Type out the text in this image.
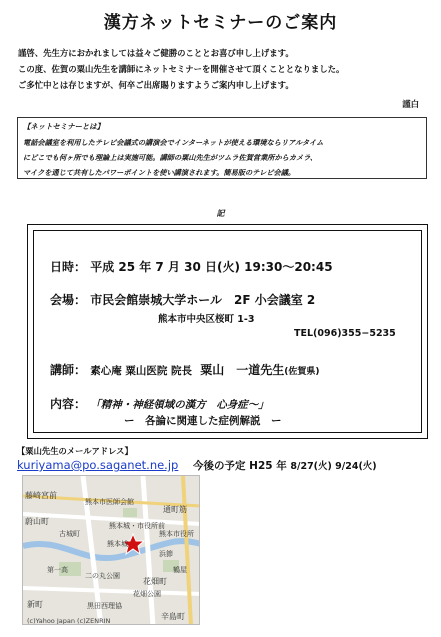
漢方ネットセミナーのご案内
謹啓、先生方におかれましては益々ご健勝のこととお喜び申し上げます。
この度、佐賀の粟山先生を講師にネットセミナーを開催させて頂くこととなりました。
ご多忙中とは存じますが、何卒ご出席賜りますようご案内申し上げます。
謹白
【ネットセミナーとは】
電話会議室を利用したテレビ会議式の講演会でインターネットが使える環境ならリアルタイム
にどこでも何ヶ所でも理論上は実施可能。講師の粟山先生がツムラ佐賀営業所からカメラ、
マイクを通じて共有したパワーポイントを使い講演されます。簡易版のテレビ会議。
記
日時： 平成 25 年 7 月 30 日(火) 19:30〜20:45
会場： 市民会館崇城大学ホール　2F 小会議室 2
熊本市中央区桜町 1-3
TEL(096)355−5235
講師： 素心庵 粟山医院 院長 粟山　一道先生(佐賀県)
内容： 「精神・神経領域の漢方　心身症〜」
ー　各論に関連した症例解説　ー
【粟山先生のメールアドレス】
kuriyama@po.saganet.ne.jp 今後の予定 H25 年 8/27(火) 9/24(火)
藤崎宮前
熊本市医師会館
熊本城・市役所前
熊本市役所
通町筋
鶴屋
浜節
花畑町
花畑公園
辛島町
古城町
新町	黒田西理協
第一高
二の丸公園
熊本城
蔚山町
(c)Yahoo Japan (c)ZENRIN
